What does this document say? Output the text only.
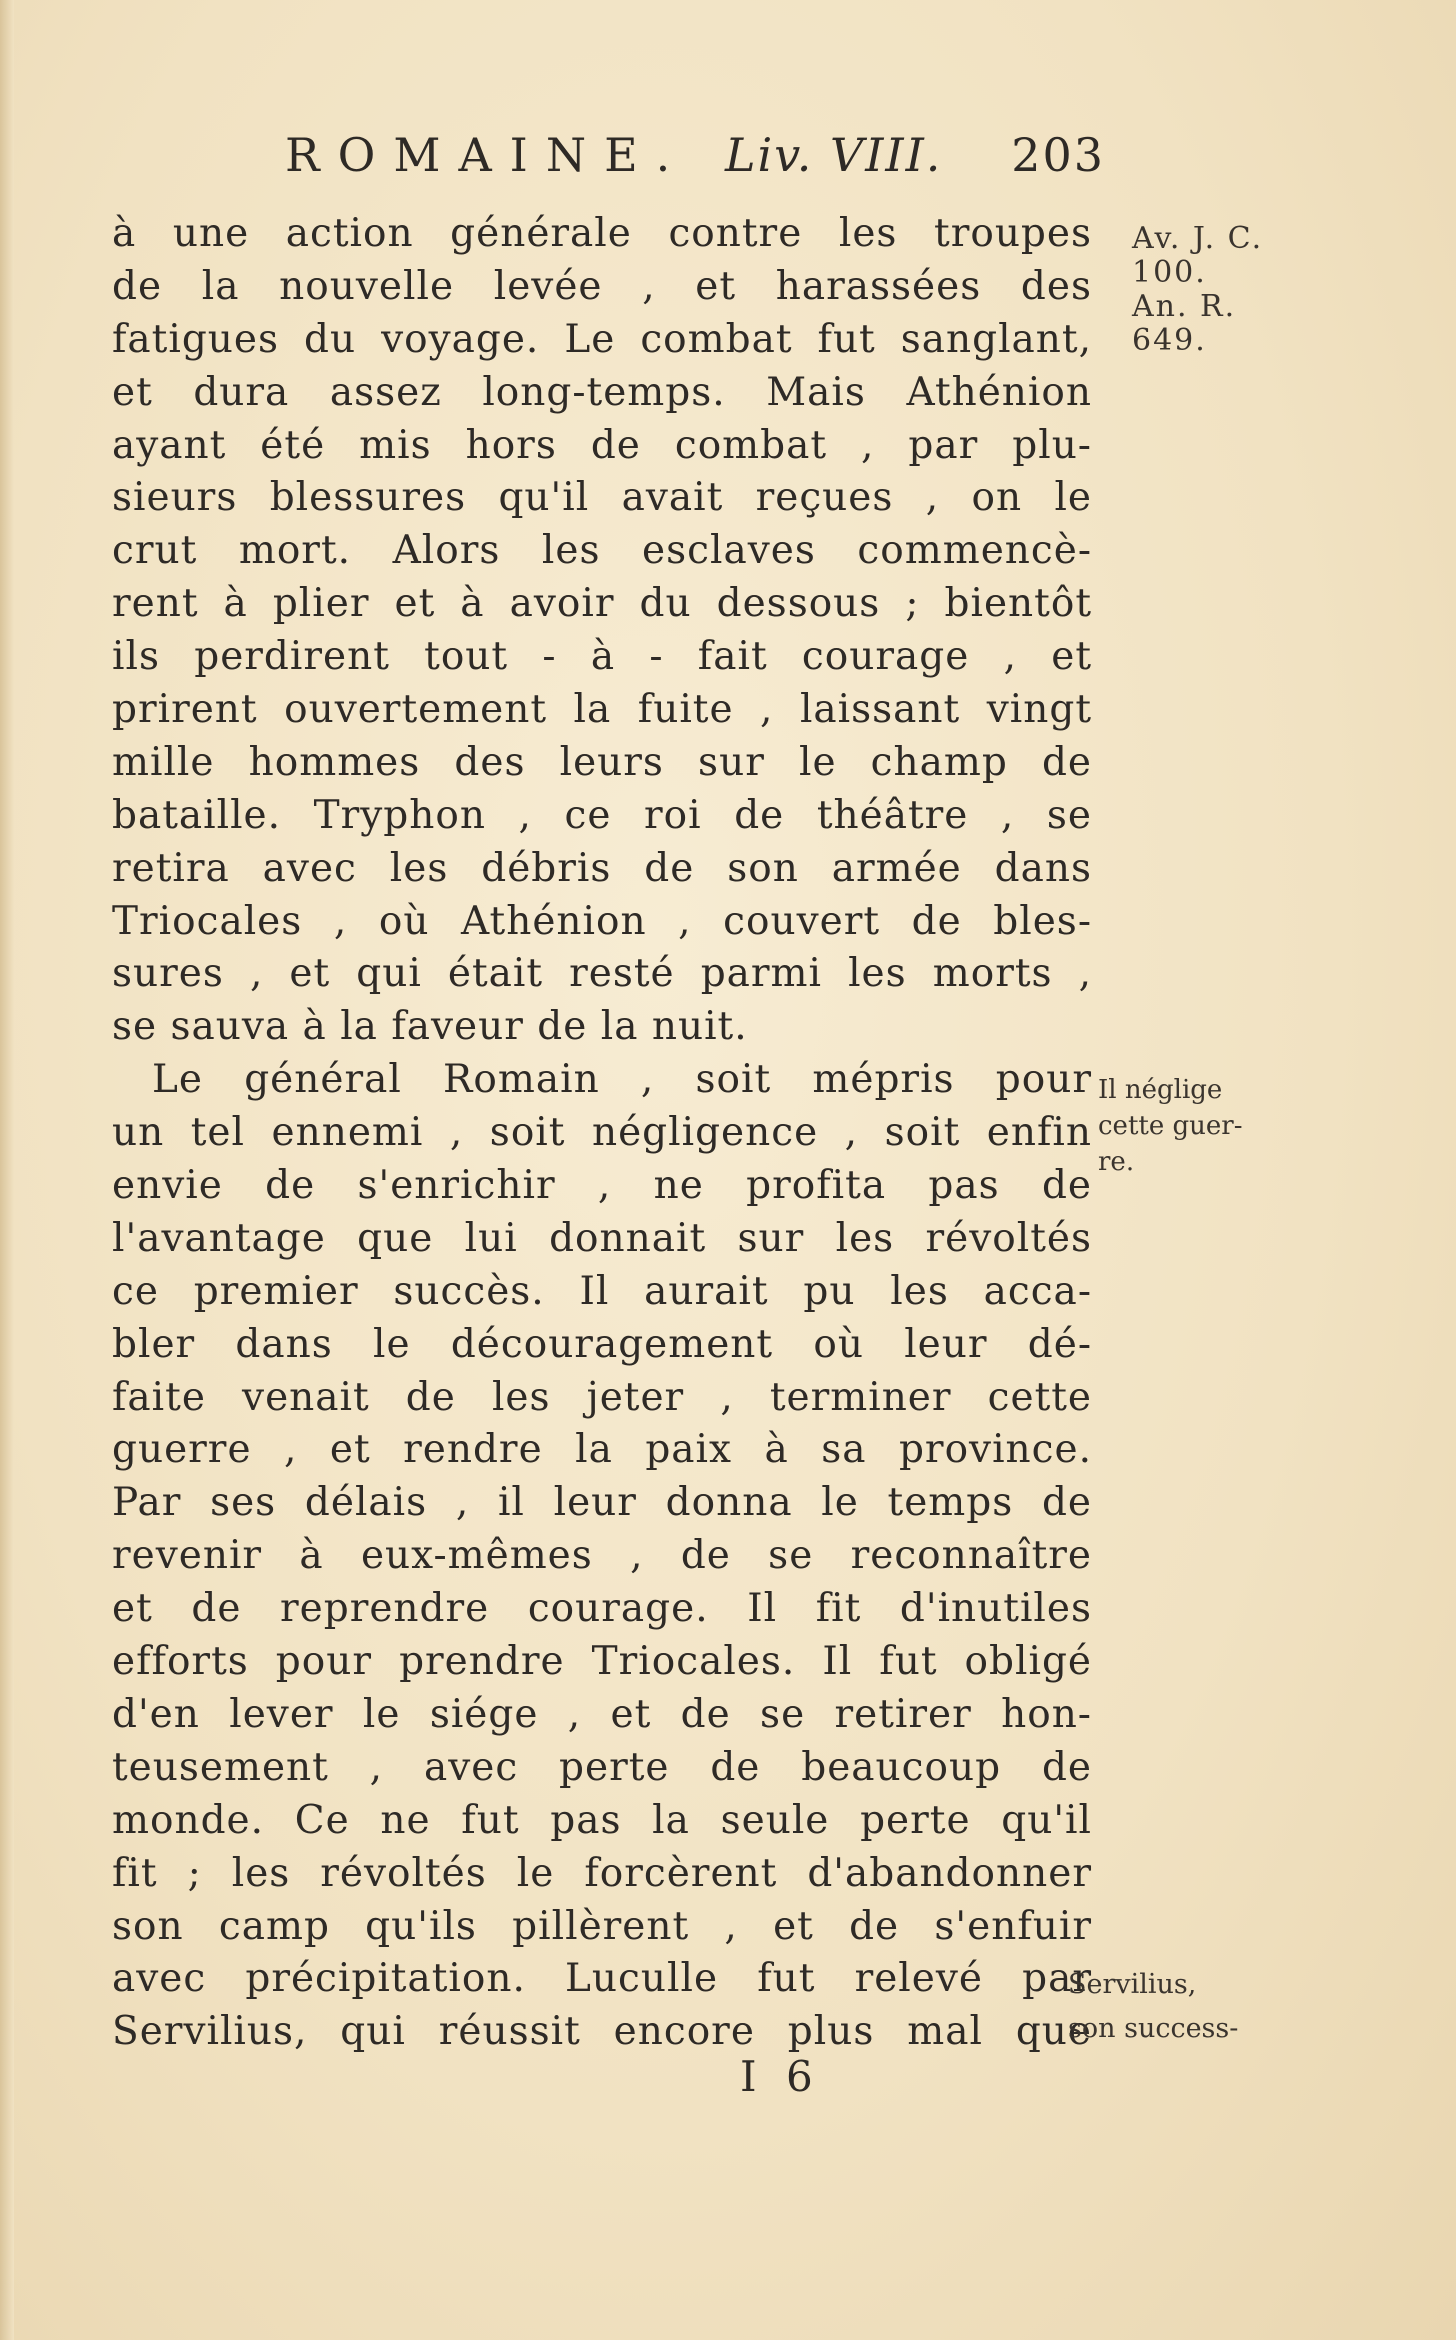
ROMAINE. Liv. VIII. 203
à une action générale contre les troupes
de la nouvelle levée , et harassées des
fatigues du voyage. Le combat fut sanglant,
et dura assez long-temps. Mais Athénion
ayant été mis hors de combat , par plu-
sieurs blessures qu'il avait reçues , on le
crut mort. Alors les esclaves commencè-
rent à plier et à avoir du dessous ; bientôt
ils perdirent tout - à - fait courage , et
prirent ouvertement la fuite , laissant vingt
mille hommes des leurs sur le champ de
bataille. Tryphon , ce roi de théâtre , se
retira avec les débris de son armée dans
Triocales , où Athénion , couvert de bles-
sures , et qui était resté parmi les morts ,
se sauva à la faveur de la nuit.
Le général Romain , soit mépris pour
un tel ennemi , soit négligence , soit enfin
envie de s'enrichir , ne profita pas de
l'avantage que lui donnait sur les révoltés
ce premier succès. Il aurait pu les acca-
bler dans le découragement où leur dé-
faite venait de les jeter , terminer cette
guerre , et rendre la paix à sa province.
Par ses délais , il leur donna le temps de
revenir à eux-mêmes , de se reconnaître
et de reprendre courage. Il fit d'inutiles
efforts pour prendre Triocales. Il fut obligé
d'en lever le siége , et de se retirer hon-
teusement , avec perte de beaucoup de
monde. Ce ne fut pas la seule perte qu'il
fit ; les révoltés le forcèrent d'abandonner
son camp qu'ils pillèrent , et de s'enfuir
avec précipitation. Luculle fut relevé par
Servilius, qui réussit encore plus mal que
Av. J. C.
100.
An. R.
649.
Il néglige
cette guer-
re.
Servilius,
son success-
I 6
